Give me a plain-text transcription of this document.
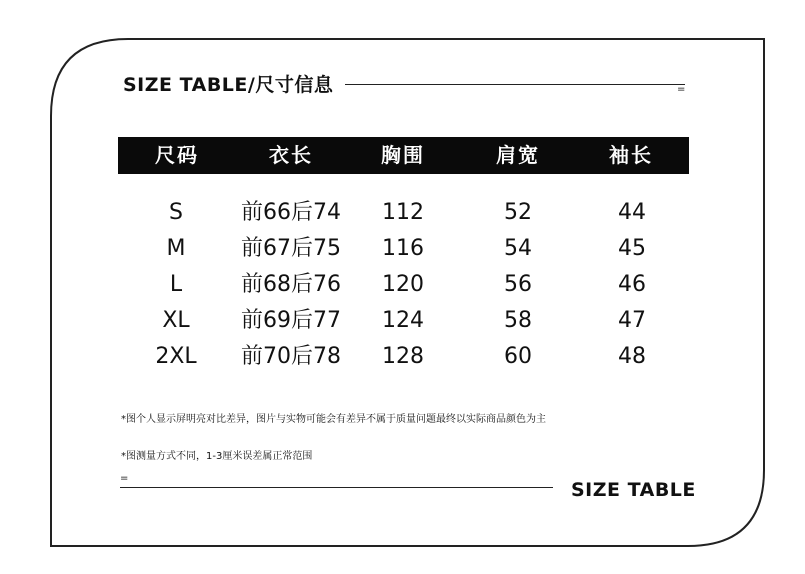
SIZE TABLE/尺寸信息	=
尺码	衣长	胸围	肩宽	袖长
S	前66后74	112	52	44
M	前67后75	116	54	45
L	前68后76	120	56	46
XL	前69后77	124	58	47
2XL	前70后78	128	60	48
*图个人显示屏明亮对比差异，图片与实物可能会有差异不属于质量问题最终以实际商品颜色为主
*图测量方式不同，1-3厘米误差属正常范围
=
SIZE TABLE
